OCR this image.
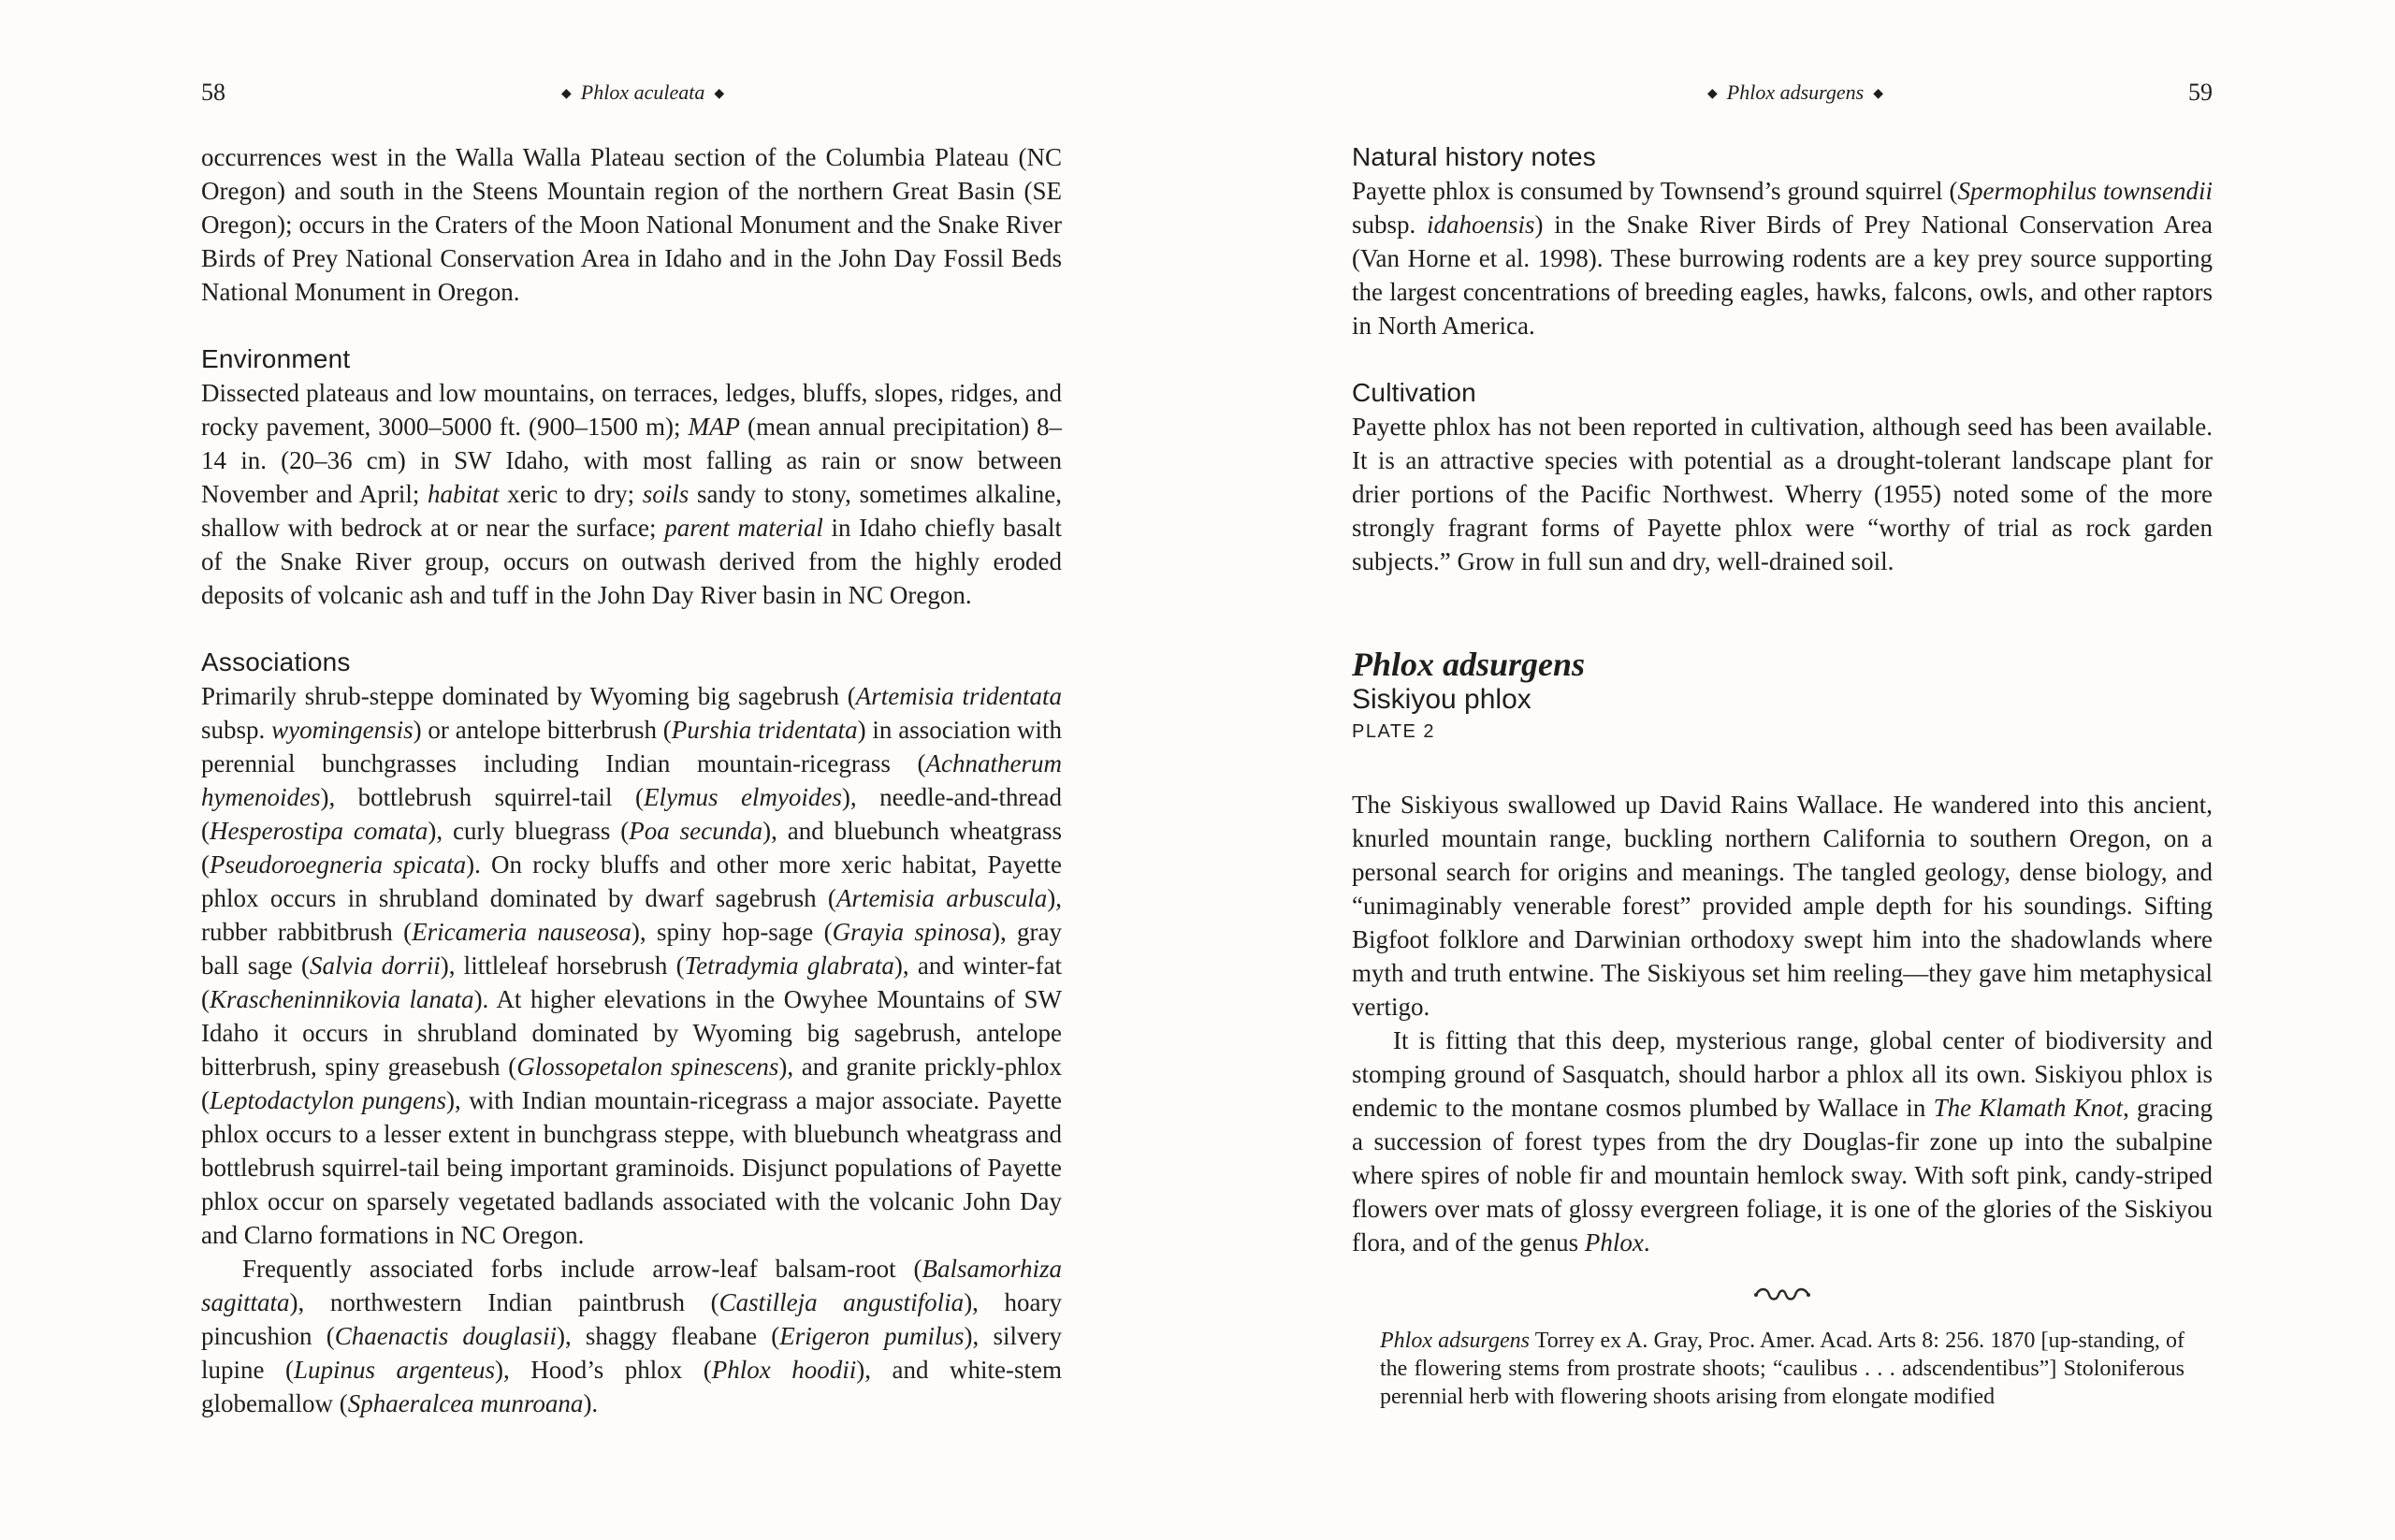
58	◆ Phlox aculeata ◆

occurrences west in the Walla Walla Plateau section of the Columbia Plateau (NC Oregon) and south in the Steens Mountain region of the northern Great Basin (SE Oregon); occurs in the Craters of the Moon National Monument and the Snake River Birds of Prey National Conservation Area in Idaho and in the John Day Fossil Beds National Monument in Oregon.

Environment

Dissected plateaus and low mountains, on terraces, ledges, bluffs, slopes, ridges, and rocky pavement, 3000–5000 ft. (900–1500 m); MAP (mean annual precipitation) 8–14 in. (20–36 cm) in SW Idaho, with most falling as rain or snow between November and April; habitat xeric to dry; soils sandy to stony, sometimes alkaline, shallow with bedrock at or near the surface; parent material in Idaho chiefly basalt of the Snake River group, occurs on outwash derived from the highly eroded deposits of volcanic ash and tuff in the John Day River basin in NC Oregon.

Associations

Primarily shrub-steppe dominated by Wyoming big sagebrush (Artemisia tridentata subsp. wyomingensis) or antelope bitterbrush (Purshia tridentata) in association with perennial bunchgrasses including Indian mountain-ricegrass (Achnatherum hymenoides), bottlebrush squirrel-tail (Elymus elmyoides), needle-and-thread (Hesperostipa comata), curly bluegrass (Poa secunda), and bluebunch wheatgrass (Pseudoroegneria spicata). On rocky bluffs and other more xeric habitat, Payette phlox occurs in shrubland dominated by dwarf sagebrush (Artemisia arbuscula), rubber rabbitbrush (Ericameria nauseosa), spiny hop-sage (Grayia spinosa), gray ball sage (Salvia dorrii), littleleaf horsebrush (Tetradymia glabrata), and winter-fat (Krascheninnikovia lanata). At higher elevations in the Owyhee Mountains of SW Idaho it occurs in shrubland dominated by Wyoming big sagebrush, antelope bitterbrush, spiny greasebush (Glossopetalon spinescens), and granite prickly-phlox (Leptodactylon pungens), with Indian mountain-ricegrass a major associate. Payette phlox occurs to a lesser extent in bunchgrass steppe, with bluebunch wheatgrass and bottlebrush squirrel-tail being important graminoids. Disjunct populations of Payette phlox occur on sparsely vegetated badlands associated with the volcanic John Day and Clarno formations in NC Oregon.

Frequently associated forbs include arrow-leaf balsam-root (Balsamorhiza sagittata), northwestern Indian paintbrush (Castilleja angustifolia), hoary pincushion (Chaenactis douglasii), shaggy fleabane (Erigeron pumilus), silvery lupine (Lupinus argenteus), Hood’s phlox (Phlox hoodii), and white-stem globemallow (Sphaeralcea munroana).

◆ Phlox adsurgens ◆	59
Natural history notes

Payette phlox is consumed by Townsend’s ground squirrel (Spermophilus townsendii subsp. idahoensis) in the Snake River Birds of Prey National Conservation Area (Van Horne et al. 1998). These burrowing rodents are a key prey source supporting the largest concentrations of breeding eagles, hawks, falcons, owls, and other raptors in North America.

Cultivation

Payette phlox has not been reported in cultivation, although seed has been available. It is an attractive species with potential as a drought-tolerant landscape plant for drier portions of the Pacific Northwest. Wherry (1955) noted some of the more strongly fragrant forms of Payette phlox were “worthy of trial as rock garden subjects.” Grow in full sun and dry, well-drained soil.

Phlox adsurgens
Siskiyou phlox
PLATE 2

The Siskiyous swallowed up David Rains Wallace. He wandered into this ancient, knurled mountain range, buckling northern California to southern Oregon, on a personal search for origins and meanings. The tangled geology, dense biology, and “unimaginably venerable forest” provided ample depth for his soundings. Sifting Bigfoot folklore and Darwinian orthodoxy swept him into the shadowlands where myth and truth entwine. The Siskiyous set him reeling—they gave him metaphysical vertigo.

It is fitting that this deep, mysterious range, global center of biodiversity and stomping ground of Sasquatch, should harbor a phlox all its own. Siskiyou phlox is endemic to the montane cosmos plumbed by Wallace in The Klamath Knot, gracing a succession of forest types from the dry Douglas-fir zone up into the subalpine where spires of noble fir and mountain hemlock sway. With soft pink, candy-striped flowers over mats of glossy evergreen foliage, it is one of the glories of the Siskiyou flora, and of the genus Phlox.

Phlox adsurgens Torrey ex A. Gray, Proc. Amer. Acad. Arts 8: 256. 1870 [up-standing, of the flowering stems from prostrate shoots; “caulibus . . . adscendentibus”] Stoloniferous perennial herb with flowering shoots arising from elongate modified
